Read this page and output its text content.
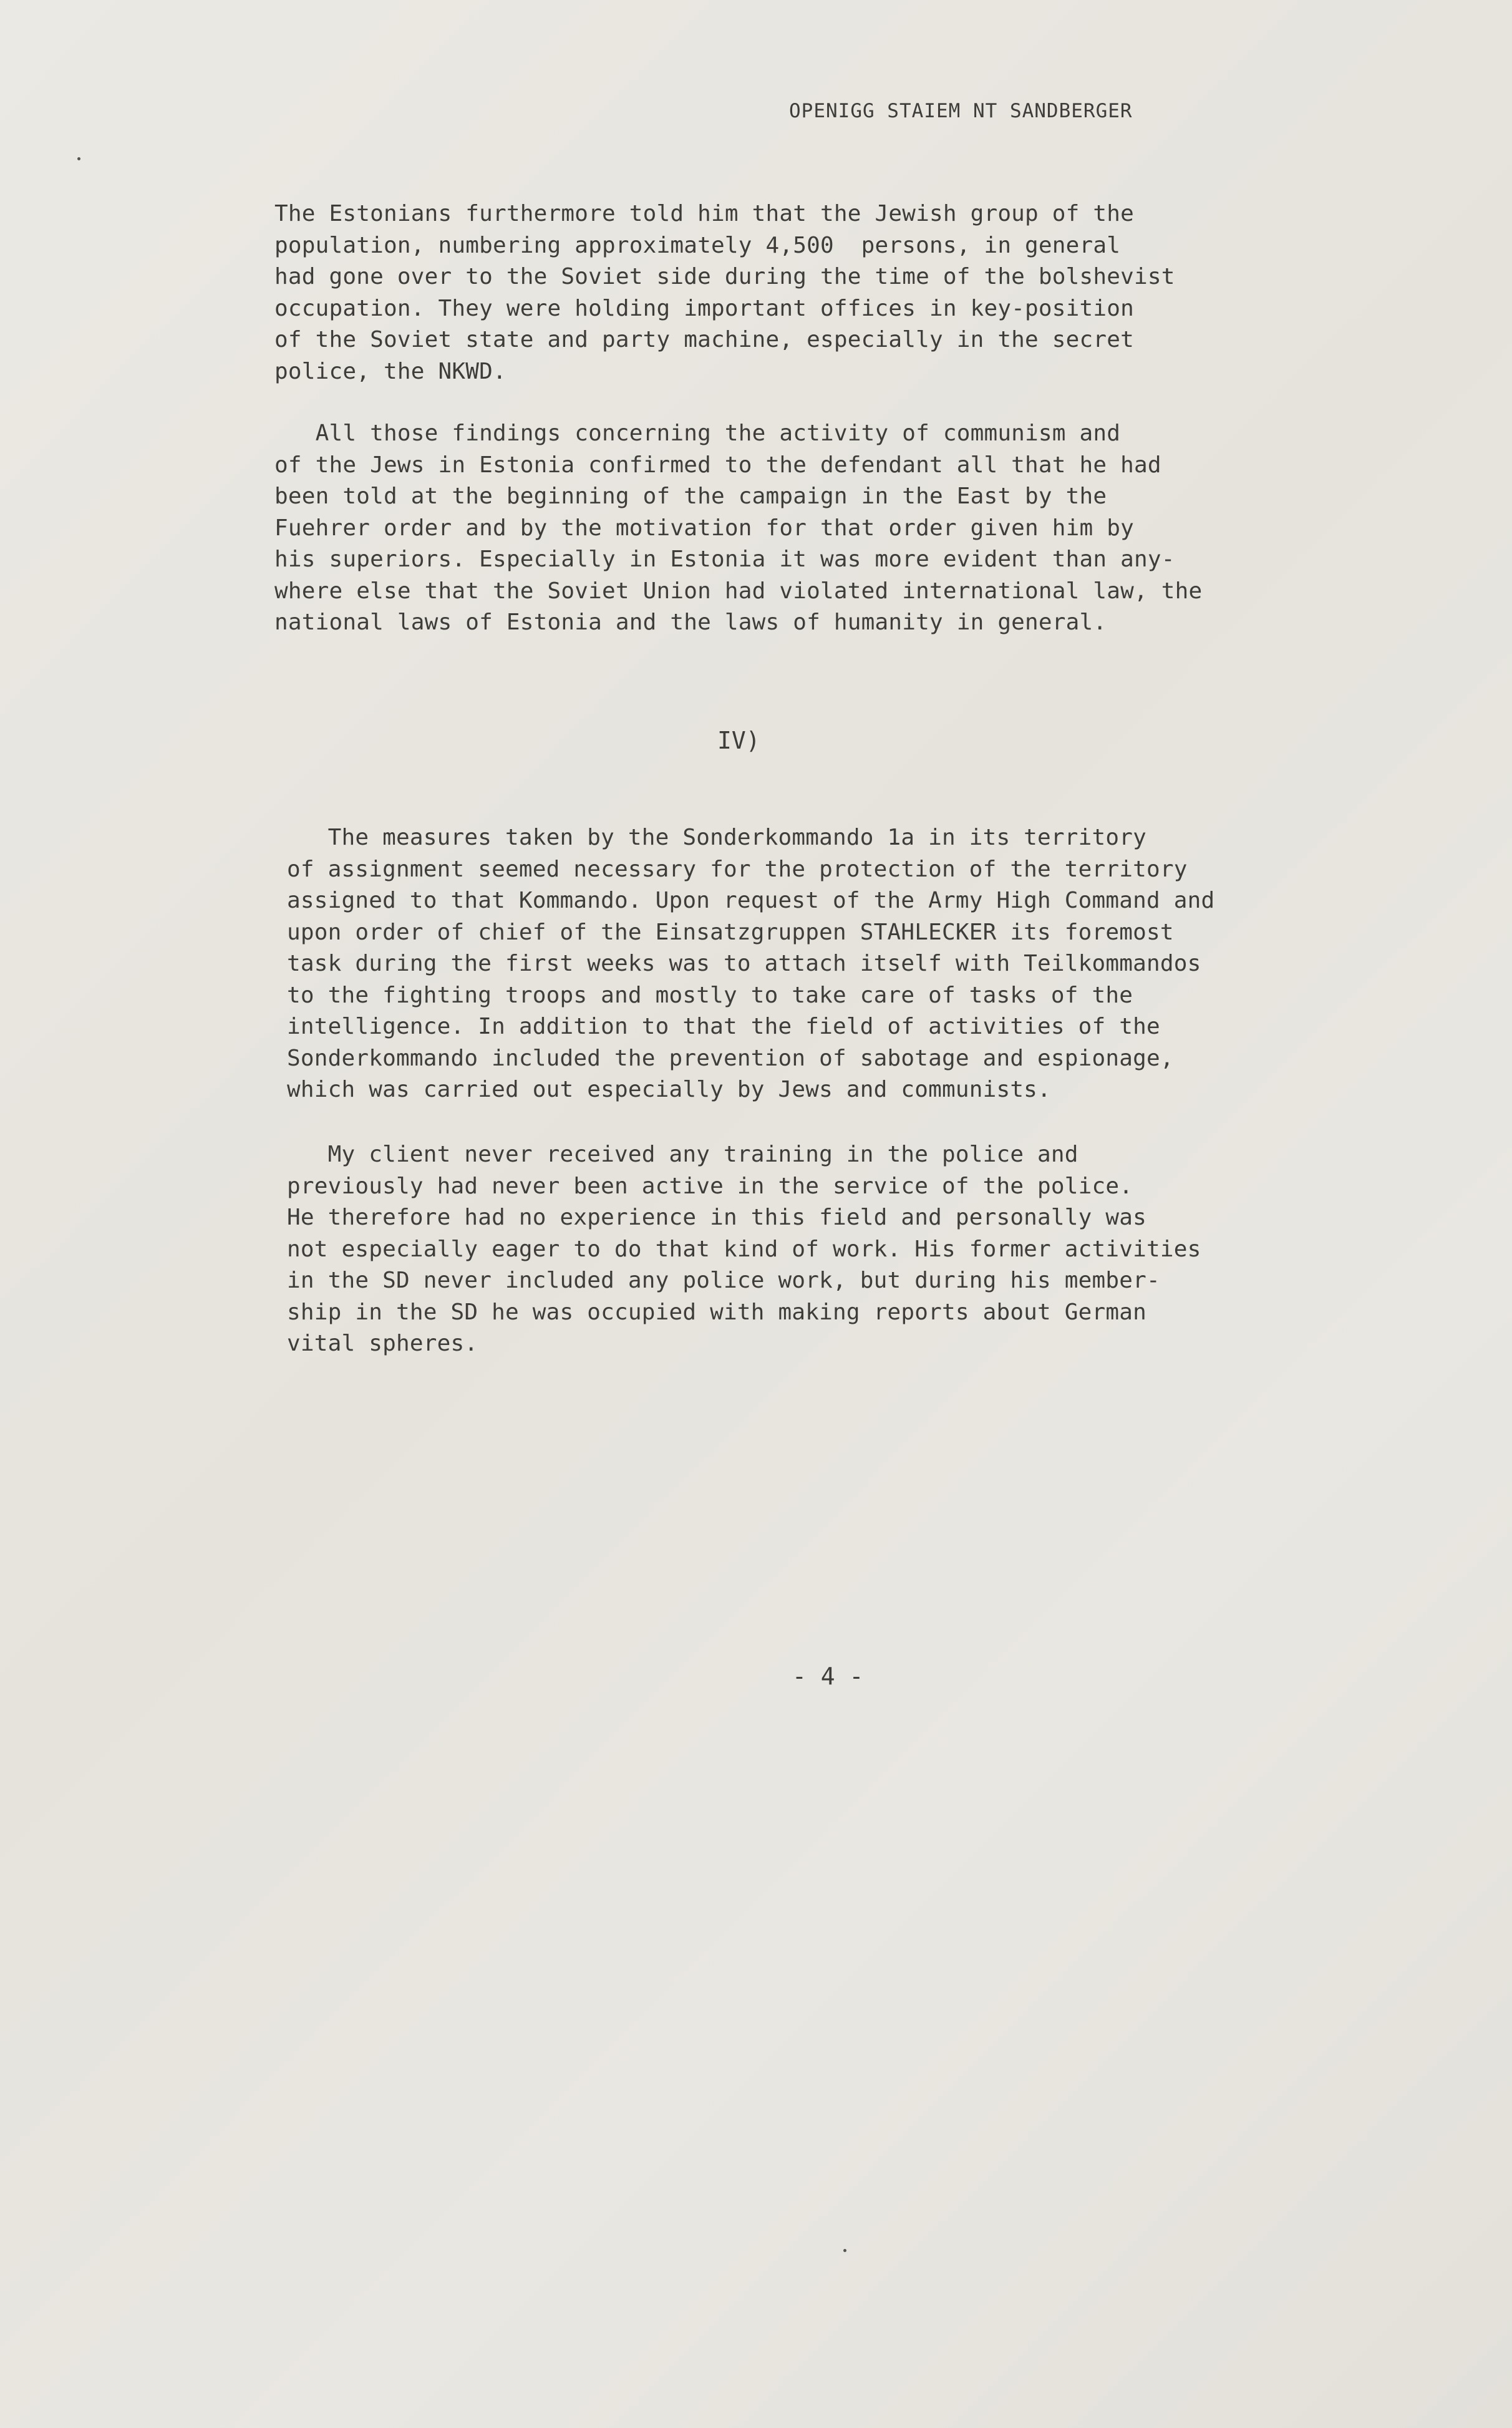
OPENIGG STAIEM NT SANDBERGER
The Estonians furthermore told him that the Jewish group of the
population, numbering approximately 4,500  persons, in general
had gone over to the Soviet side during the time of the bolshevist
occupation. They were holding important offices in key-position
of the Soviet state and party machine, especially in the secret
police, the NKWD.
All those findings concerning the activity of communism and
of the Jews in Estonia confirmed to the defendant all that he had
been told at the beginning of the campaign in the East by the
Fuehrer order and by the motivation for that order given him by
his superiors. Especially in Estonia it was more evident than any-
where else that the Soviet Union had violated international law, the
national laws of Estonia and the laws of humanity in general.
IV)
The measures taken by the Sonderkommando 1a in its territory
of assignment seemed necessary for the protection of the territory
assigned to that Kommando. Upon request of the Army High Command and
upon order of chief of the Einsatzgruppen STAHLECKER its foremost
task during the first weeks was to attach itself with Teilkommandos
to the fighting troops and mostly to take care of tasks of the
intelligence. In addition to that the field of activities of the
Sonderkommando included the prevention of sabotage and espionage,
which was carried out especially by Jews and communists.
My client never received any training in the police and
previously had never been active in the service of the police.
He therefore had no experience in this field and personally was
not especially eager to do that kind of work. His former activities
in the SD never included any police work, but during his member-
ship in the SD he was occupied with making reports about German
vital spheres.
- 4 -
